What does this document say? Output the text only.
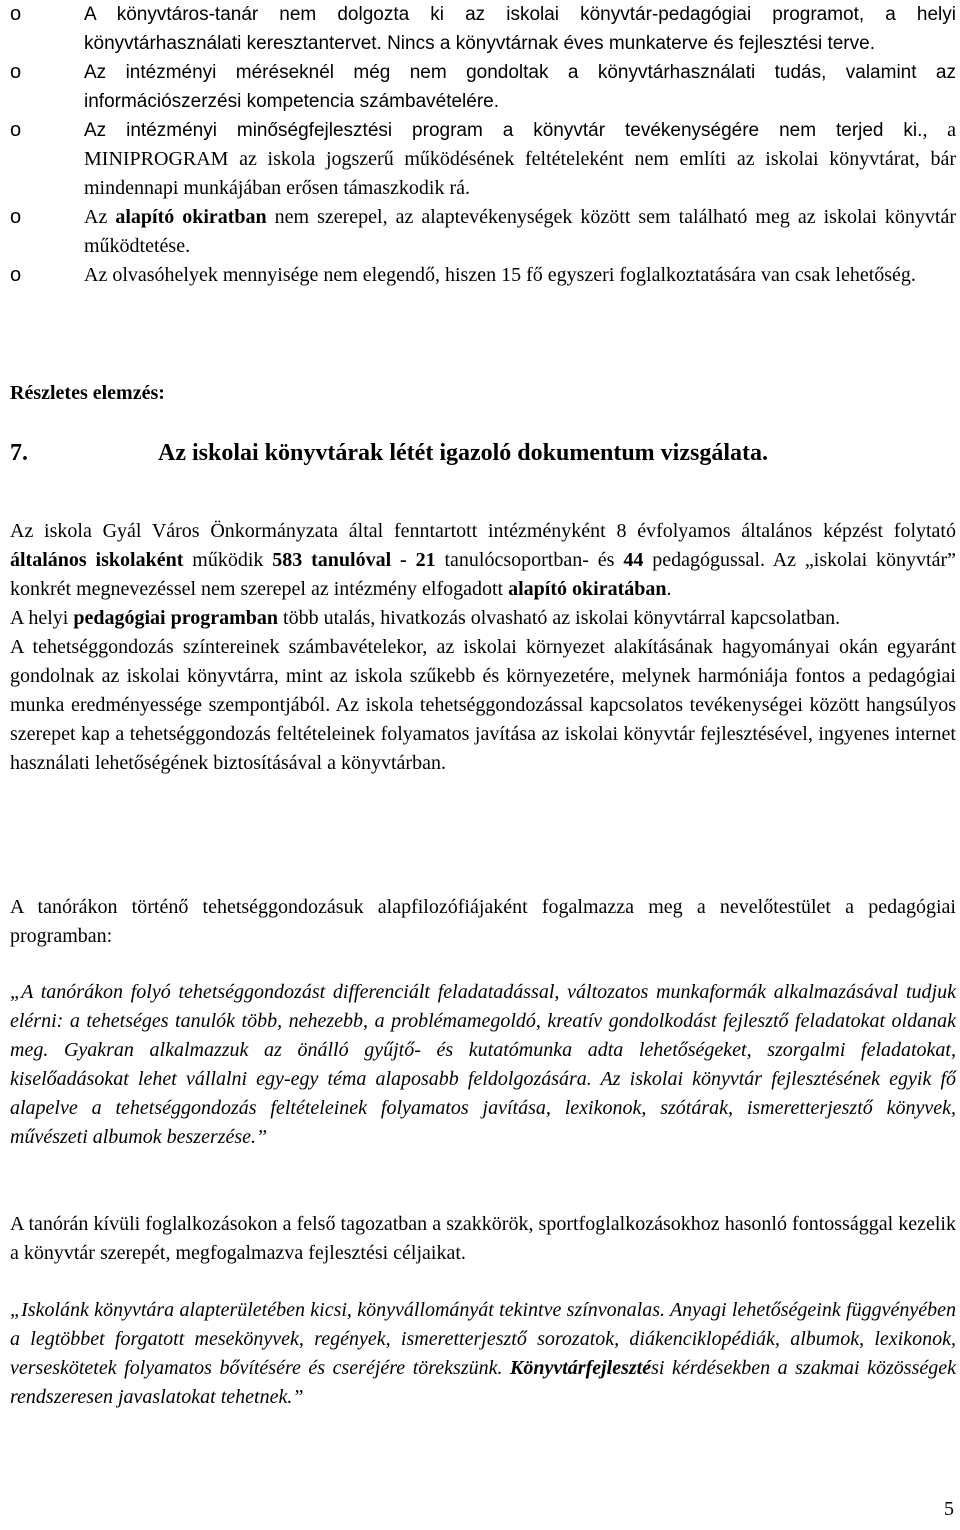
o	A könyvtáros-tanár nem dolgozta ki az iskolai könyvtár-pedagógiai programot, a helyi könyvtárhasználati keresztantervet. Nincs a könyvtárnak éves munkaterve és fejlesztési terve.
o	Az intézményi méréseknél még nem gondoltak a könyvtárhasználati tudás, valamint az információszerzési kompetencia számbavételére.
o	Az intézményi minőségfejlesztési program a könyvtár tevékenységére nem terjed ki., a MINIPROGRAM az iskola jogszerű működésének feltételeként nem említi az iskolai könyvtárat, bár mindennapi munkájában erősen támaszkodik rá.
o	Az alapító okiratban nem szerepel, az alaptevékenységek között sem található meg az iskolai könyvtár működtetése.
o	Az olvasóhelyek mennyisége nem elegendő, hiszen 15 fő egyszeri foglalkoztatására van csak lehetőség.
Részletes elemzés:
7.	Az iskolai könyvtárak létét igazoló dokumentum vizsgálata.

Az iskola Gyál Város Önkormányzata által fenntartott intézményként 8 évfolyamos általános képzést folytató általános iskolaként működik 583 tanulóval - 21 tanulócsoportban- és 44 pedagógussal. Az „iskolai könyvtár” konkrét megnevezéssel nem szerepel az intézmény elfogadott alapító okiratában.

A helyi pedagógiai programban több utalás, hivatkozás olvasható az iskolai könyvtárral kapcsolatban.

A tehetséggondozás színtereinek számbavételekor, az iskolai környezet alakításának hagyományai okán egyaránt gondolnak az iskolai könyvtárra, mint az iskola szűkebb és környezetére, melynek harmóniája fontos a pedagógiai munka eredményessége szempontjából. Az iskola tehetséggondozással kapcsolatos tevékenységei között hangsúlyos szerepet kap a tehetséggondozás feltételeinek folyamatos javítása az iskolai könyvtár fejlesztésével, ingyenes internet használati lehetőségének biztosításával a könyvtárban.

A tanórákon történő tehetséggondozásuk alapfilozófiájaként fogalmazza meg a nevelőtestület a pedagógiai programban:

„A tanórákon folyó tehetséggondozást differenciált feladatadással, változatos munkaformák alkalmazásával tudjuk elérni: a tehetséges tanulók több, nehezebb, a problémamegoldó, kreatív gondolkodást fejlesztő feladatokat oldanak meg. Gyakran alkalmazzuk az önálló gyűjtő- és kutatómunka adta lehetőségeket, szorgalmi feladatokat, kiselőadásokat lehet vállalni egy-egy téma alaposabb feldolgozására. Az iskolai könyvtár fejlesztésének egyik fő alapelve a tehetséggondozás feltételeinek folyamatos javítása, lexikonok, szótárak, ismeretterjesztő könyvek, művészeti albumok beszerzése.”

A tanórán kívüli foglalkozásokon a felső tagozatban a szakkörök, sportfoglalkozásokhoz hasonló fontossággal kezelik a könyvtár szerepét, megfogalmazva fejlesztési céljaikat.

„Iskolánk könyvtára alapterületében kicsi, könyvállományát tekintve színvonalas. Anyagi lehetőségeink függvényében a legtöbbet forgatott mesekönyvek, regények, ismeretterjesztő sorozatok, diákenciklopédiák, albumok, lexikonok, verseskötetek folyamatos bővítésére és cseréjére törekszünk. Könyvtárfejlesztési kérdésekben a szakmai közösségek rendszeresen javaslatokat tehetnek.”

5
